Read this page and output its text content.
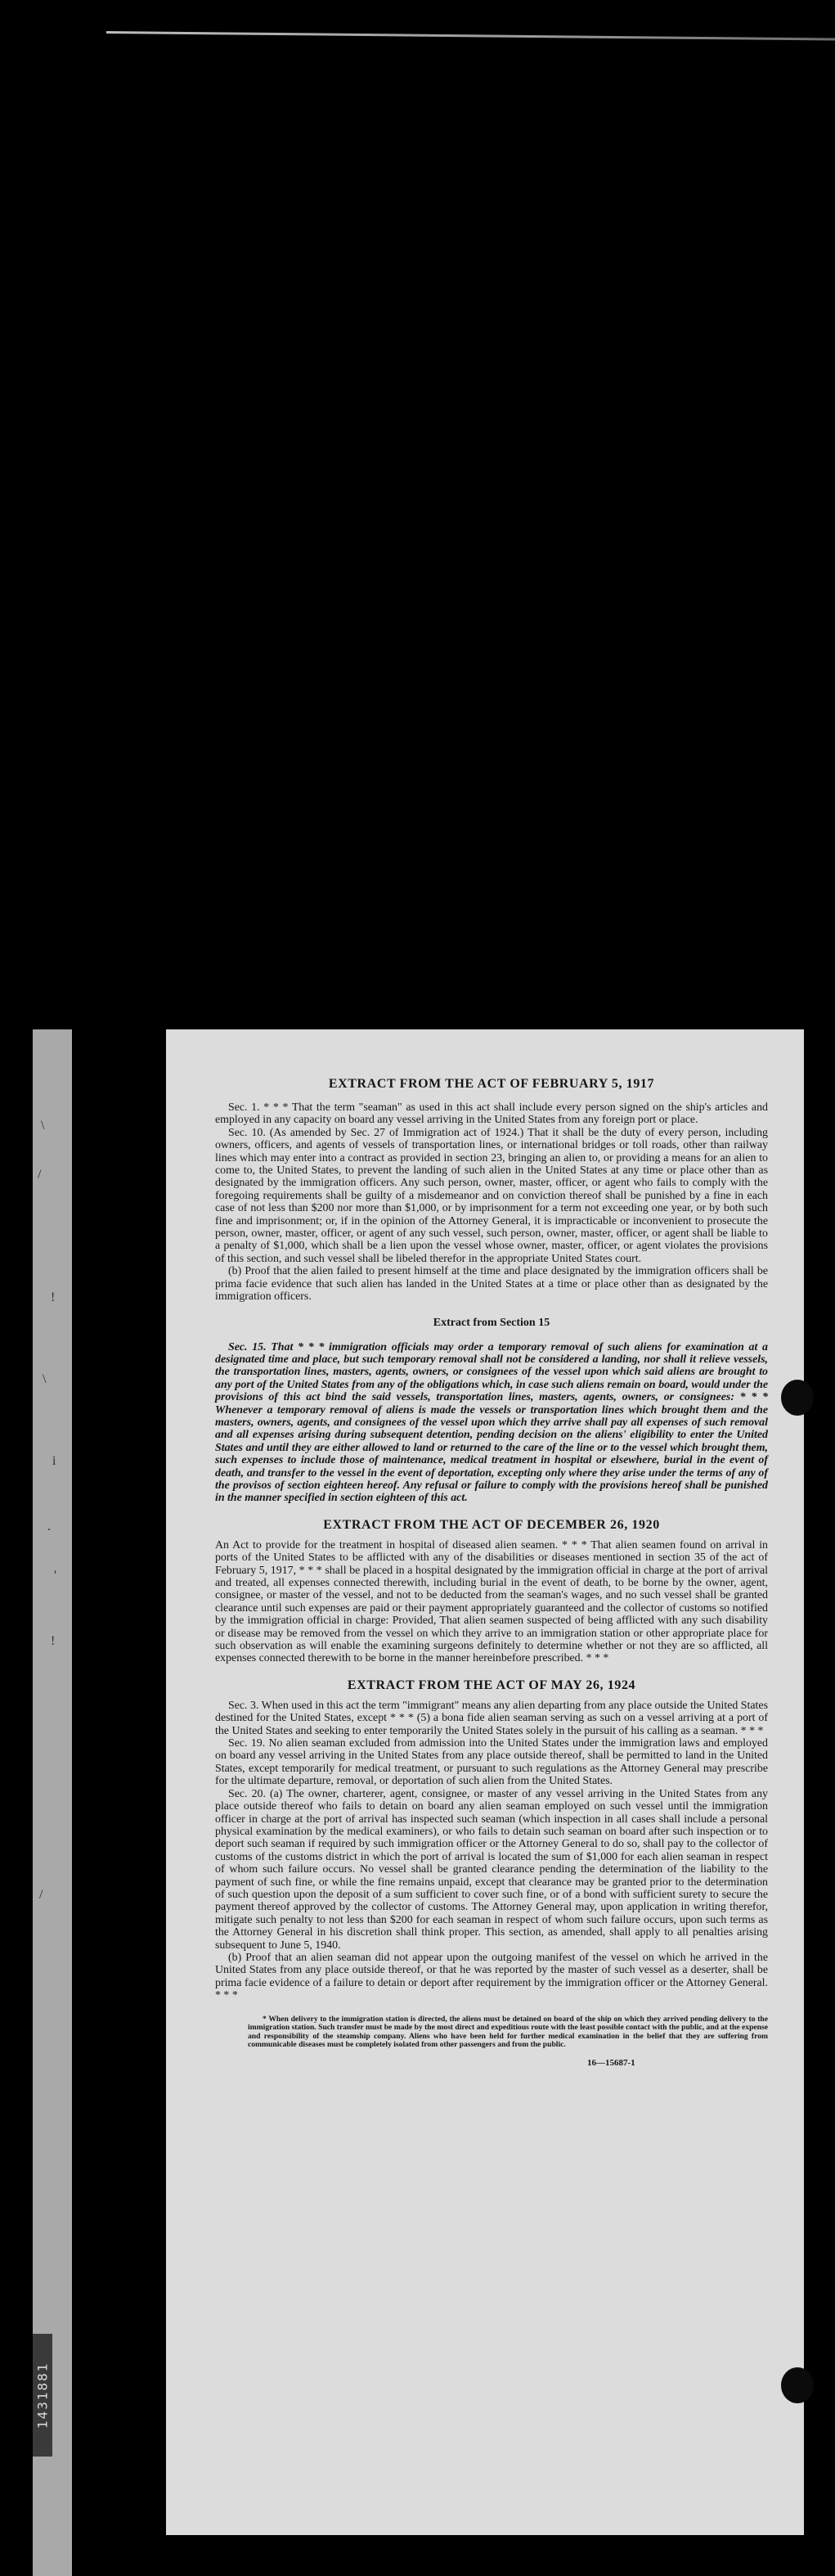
\
/
!
\
i
.
'
!
/
1431881
EXTRACT FROM THE ACT OF FEBRUARY 5, 1917

Sec. 1. * * * That the term "seaman" as used in this act shall include every person signed on the ship's articles and employed in any capacity on board any vessel arriving in the United States from any foreign port or place.

Sec. 10. (As amended by Sec. 27 of Immigration act of 1924.) That it shall be the duty of every person, including owners, officers, and agents of vessels of transportation lines, or international bridges or toll roads, other than railway lines which may enter into a contract as provided in section 23, bringing an alien to, or providing a means for an alien to come to, the United States, to prevent the landing of such alien in the United States at any time or place other than as designated by the immigration officers. Any such person, owner, master, officer, or agent who fails to comply with the foregoing requirements shall be guilty of a misdemeanor and on conviction thereof shall be punished by a fine in each case of not less than $200 nor more than $1,000, or by imprisonment for a term not exceeding one year, or by both such fine and imprisonment; or, if in the opinion of the Attorney General, it is impracticable or inconvenient to prosecute the person, owner, master, officer, or agent of any such vessel, such person, owner, master, officer, or agent shall be liable to a penalty of $1,000, which shall be a lien upon the vessel whose owner, master, officer, or agent violates the provisions of this section, and such vessel shall be libeled therefor in the appropriate United States court.

(b) Proof that the alien failed to present himself at the time and place designated by the immigration officers shall be prima facie evidence that such alien has landed in the United States at a time or place other than as designated by the immigration officers.

Extract from Section 15

Sec. 15. That * * * immigration officials may order a temporary removal of such aliens for examination at a designated time and place, but such temporary removal shall not be considered a landing, nor shall it relieve vessels, the transportation lines, masters, agents, owners, or consignees of the vessel upon which said aliens are brought to any port of the United States from any of the obligations which, in case such aliens remain on board, would under the provisions of this act bind the said vessels, transportation lines, masters, agents, owners, or consignees: * * * Whenever a temporary removal of aliens is made the vessels or transportation lines which brought them and the masters, owners, agents, and consignees of the vessel upon which they arrive shall pay all expenses of such removal and all expenses arising during subsequent detention, pending decision on the aliens' eligibility to enter the United States and until they are either allowed to land or returned to the care of the line or to the vessel which brought them, such expenses to include those of maintenance, medical treatment in hospital or elsewhere, burial in the event of death, and transfer to the vessel in the event of deportation, excepting only where they arise under the terms of any of the provisos of section eighteen hereof. Any refusal or failure to comply with the provisions hereof shall be punished in the manner specified in section eighteen of this act.

EXTRACT FROM THE ACT OF DECEMBER 26, 1920

An Act to provide for the treatment in hospital of diseased alien seamen. * * * That alien seamen found on arrival in ports of the United States to be afflicted with any of the disabilities or diseases mentioned in section 35 of the act of February 5, 1917, * * * shall be placed in a hospital designated by the immigration official in charge at the port of arrival and treated, all expenses connected therewith, including burial in the event of death, to be borne by the owner, agent, consignee, or master of the vessel, and not to be deducted from the seaman's wages, and no such vessel shall be granted clearance until such expenses are paid or their payment appropriately guaranteed and the collector of customs so notified by the immigration official in charge: Provided, That alien seamen suspected of being afflicted with any such disability or disease may be removed from the vessel on which they arrive to an immigration station or other appropriate place for such observation as will enable the examining surgeons definitely to determine whether or not they are so afflicted, all expenses connected therewith to be borne in the manner hereinbefore prescribed. * * *

EXTRACT FROM THE ACT OF MAY 26, 1924

Sec. 3. When used in this act the term "immigrant" means any alien departing from any place outside the United States destined for the United States, except * * * (5) a bona fide alien seaman serving as such on a vessel arriving at a port of the United States and seeking to enter temporarily the United States solely in the pursuit of his calling as a seaman. * * *

Sec. 19. No alien seaman excluded from admission into the United States under the immigration laws and employed on board any vessel arriving in the United States from any place outside thereof, shall be permitted to land in the United States, except temporarily for medical treatment, or pursuant to such regulations as the Attorney General may prescribe for the ultimate departure, removal, or deportation of such alien from the United States.

Sec. 20. (a) The owner, charterer, agent, consignee, or master of any vessel arriving in the United States from any place outside thereof who fails to detain on board any alien seaman employed on such vessel until the immigration officer in charge at the port of arrival has inspected such seaman (which inspection in all cases shall include a personal physical examination by the medical examiners), or who fails to detain such seaman on board after such inspection or to deport such seaman if required by such immigration officer or the Attorney General to do so, shall pay to the collector of customs of the customs district in which the port of arrival is located the sum of $1,000 for each alien seaman in respect of whom such failure occurs. No vessel shall be granted clearance pending the determination of the liability to the payment of such fine, or while the fine remains unpaid, except that clearance may be granted prior to the determination of such question upon the deposit of a sum sufficient to cover such fine, or of a bond with sufficient surety to secure the payment thereof approved by the collector of customs. The Attorney General may, upon application in writing therefor, mitigate such penalty to not less than $200 for each seaman in respect of whom such failure occurs, upon such terms as the Attorney General in his discretion shall think proper. This section, as amended, shall apply to all penalties arising subsequent to June 5, 1940.

(b) Proof that an alien seaman did not appear upon the outgoing manifest of the vessel on which he arrived in the United States from any place outside thereof, or that he was reported by the master of such vessel as a deserter, shall be prima facie evidence of a failure to detain or deport after requirement by the immigration officer or the Attorney General. * * *

* When delivery to the immigration station is directed, the aliens must be detained on board of the ship on which they arrived pending delivery to the immigration station. Such transfer must be made by the most direct and expeditious route with the least possible contact with the public, and at the expense and responsibility of the steamship company. Aliens who have been held for further medical examination in the belief that they are suffering from communicable diseases must be completely isolated from other passengers and from the public.

16—15687-1
